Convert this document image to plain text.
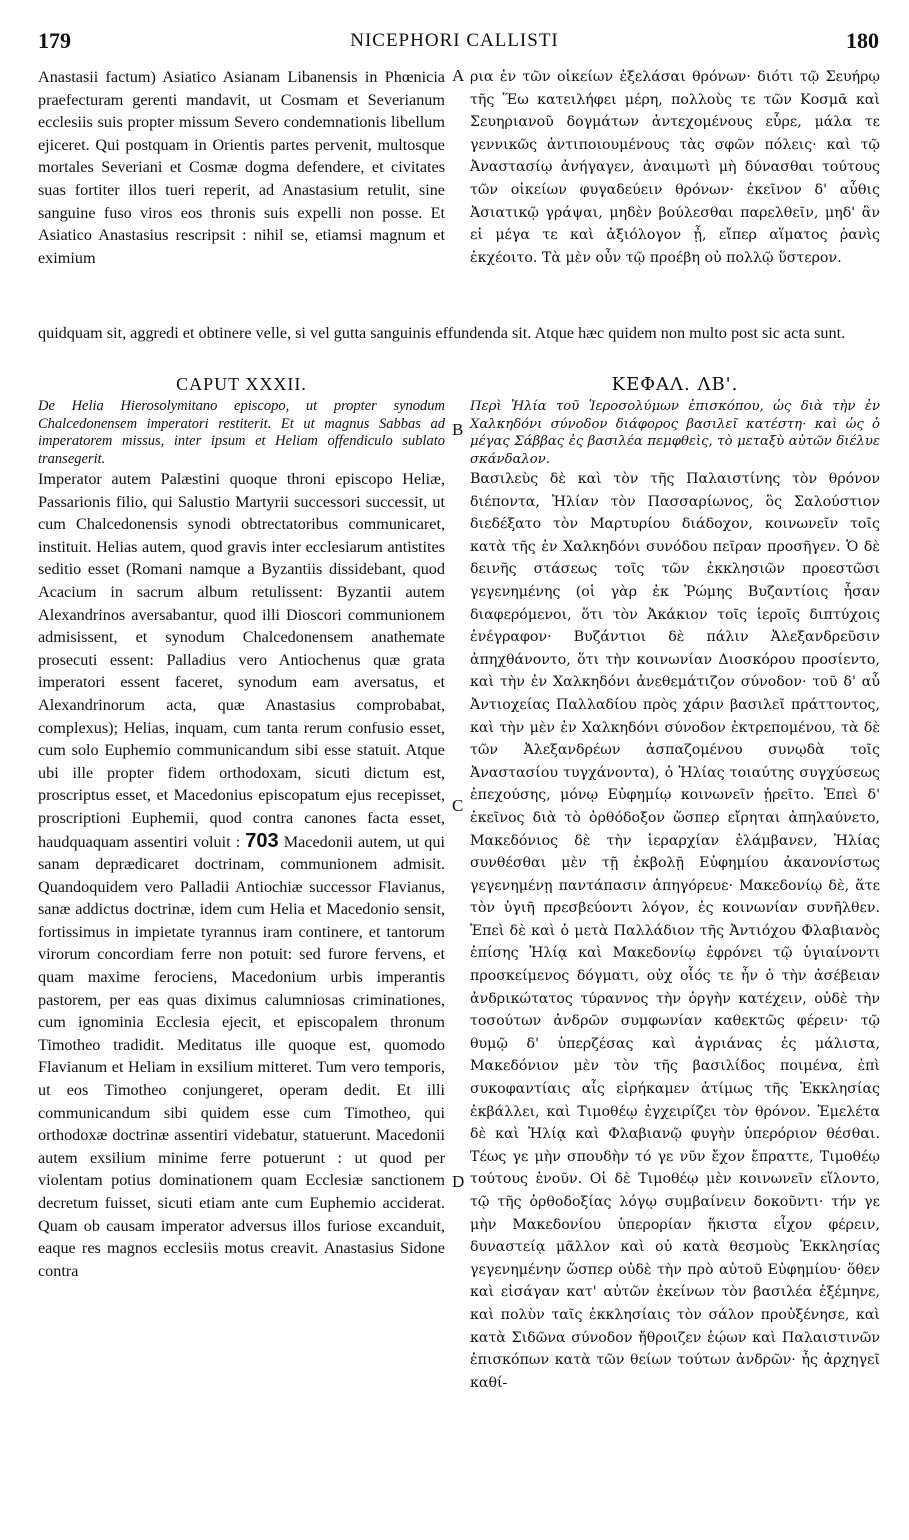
179	NICEPHORI CALLISTI	180

Anastasii factum) Asiatico Asianam Libanensis in Phœnicia praefecturam gerenti mandavit, ut Cosmam et Severianum ecclesiis suis propter missum Severo condemnationis libellum ejiceret. Qui postquam in Orientis partes pervenit, multosque mortales Severiani et Cosmæ dogma defendere, et civitates suas fortiter illos tueri reperit, ad Anastasium retulit, sine sanguine fuso viros eos thronis suis expelli non posse. Et Asiatico Anastasius rescripsit : nihil se, etiamsi magnum et eximium

ρια ἐν τῶν οἰκείων ἐξελάσαι θρόνων· διότι τῷ Σευήρῳ τῆς Ἕω κατειλήφει μέρη, πολλοὺς τε τῶν Κοσμᾶ καὶ Σευηριανοῦ δογμάτων ἀντεχομένους εὗρε, μάλα τε γεννικῶς ἀντιποιουμένους τὰς σφῶν πόλεις· καὶ τῷ Ἀναστασίῳ ἀνήγαγεν, ἀναιμωτὶ μὴ δύνασθαι τούτους τῶν οἰκείων φυγαδεύειν θρόνων· ἐκεῖνον δ' αὖθις Ἀσιατικῷ γράψαι, μηδὲν βούλεσθαι παρελθεῖν, μηδ' ἂν εἰ μέγα τε καὶ ἀξιόλογον ᾖ, εἴπερ αἵματος ῥανὶς ἐκχέοιτο. Τὰ μὲν οὖν τῷ προέβη οὐ πολλῷ ὕστερον.

quidquam sit, aggredi et obtinere velle, si vel gutta sanguinis effundenda sit. Atque hæc quidem non multo post sic acta sunt.
CAPUT XXXII.	ΚΕΦΑΛ. ΛΒ'.
De Helia Hierosolymitano episcopo, ut propter synodum Chalcedonensem imperatori restiterit. Et ut magnus Sabbas ad imperatorem missus, inter ipsum et Heliam offendiculo sublato transegerit.
Περὶ Ἠλία τοῦ Ἱεροσολύμων ἐπισκόπου, ὡς διὰ τὴν ἐν Χαλκηδόνι σύνοδον διάφορος βασιλεῖ κατέστη· καὶ ὡς ὁ μέγας Σάββας ἐς βασιλέα πεμφθεὶς, τὸ μεταξὺ αὐτῶν διέλυε σκάνδαλον.

Imperator autem Palæstini quoque throni episcopo Heliæ, Passarionis filio, qui Salustio Martyrii successori successit, ut cum Chalcedonensis synodi obtrectatoribus communicaret, instituit. Helias autem, quod gravis inter ecclesiarum antistites seditio esset (Romani namque a Byzantiis dissidebant, quod Acacium in sacrum album retulissent: Byzantii autem Alexandrinos aversabantur, quod illi Dioscori communionem admisissent, et synodum Chalcedonensem anathemate prosecuti essent: Palladius vero Antiochenus quæ grata imperatori essent faceret, synodum eam aversatus, et Alexandrinorum acta, quæ Anastasius comprobabat, complexus); Helias, inquam, cum tanta rerum confusio esset, cum solo Euphemio communicandum sibi esse statuit. Atque ubi ille propter fidem orthodoxam, sicuti dictum est, proscriptus esset, et Macedonius episcopatum ejus recepisset, proscriptioni Euphemii, quod contra canones facta esset, haudquaquam assentiri voluit : 703 Macedonii autem, ut qui sanam deprædicaret doctrinam, communionem admisit. Quandoquidem vero Palladii Antiochiæ successor Flavianus, sanæ addictus doctrinæ, idem cum Helia et Macedonio sensit, fortissimus in impietate tyrannus iram continere, et tantorum virorum concordiam ferre non potuit: sed furore fervens, et quam maxime ferociens, Macedonium urbis imperantis pastorem, per eas quas diximus calumniosas criminationes, cum ignominia Ecclesia ejecit, et episcopalem thronum Timotheo tradidit. Meditatus ille quoque est, quomodo Flavianum et Heliam in exsilium mitteret. Tum vero temporis, ut eos Timotheo conjungeret, operam dedit. Et illi communicandum sibi quidem esse cum Timotheo, qui orthodoxæ doctrinæ assentiri videbatur, statuerunt. Macedonii autem exsilium minime ferre potuerunt : ut quod per violentam potius dominationem quam Ecclesiæ sanctionem decretum fuisset, sicuti etiam ante cum Euphemio acciderat. Quam ob causam imperator adversus illos furiose excanduit, eaque res magnos ecclesiis motus creavit. Anastasius Sidone contra

Βασιλεὺς δὲ καὶ τὸν τῆς Παλαιστίνης τὸν θρόνον διέποντα, Ἠλίαν τὸν Πασσαρίωνος, ὃς Σαλούστιον διεδέξατο τὸν Μαρτυρίου διάδοχον, κοινωνεῖν τοῖς κατὰ τῆς ἐν Χαλκηδόνι συνόδου πεῖραν προσῆγεν. Ὁ δὲ δεινῆς στάσεως τοῖς τῶν ἐκκλησιῶν προεστῶσι γεγενημένης (οἱ γὰρ ἐκ Ῥώμης Βυζαντίοις ἦσαν διαφερόμενοι, ὅτι τὸν Ἀκάκιον τοῖς ἱεροῖς διπτύχοις ἐνέγραφον· Βυζάντιοι δὲ πάλιν Ἀλεξανδρεῦσιν ἀπηχθάνοντο, ὅτι τὴν κοινωνίαν Διοσκόρου προσίεντο, καὶ τὴν ἐν Χαλκηδόνι ἀνεθεμάτιζον σύνοδον· τοῦ δ' αὖ Ἀντιοχείας Παλλαδίου πρὸς χάριν βασιλεῖ πράττοντος, καὶ τὴν μὲν ἐν Χαλκηδόνι σύνοδον ἐκτρεπομένου, τὰ δὲ τῶν Ἀλεξανδρέων ἀσπαζομένου συνῳδὰ τοῖς Ἀναστασίου τυγχάνοντα), ὁ Ἠλίας τοιαύτης συγχύσεως ἐπεχούσης, μόνῳ Εὐφημίῳ κοινωνεῖν ᾑρεῖτο. Ἐπεὶ δ' ἐκεῖνος διὰ τὸ ὀρθόδοξον ὥσπερ εἴρηται ἀπηλαύνετο, Μακεδόνιος δὲ τὴν ἱεραρχίαν ἐλάμβανεν, Ἠλίας συνθέσθαι μὲν τῇ ἐκβολῇ Εὐφημίου ἀκανονίστως γεγενημένῃ παντάπασιν ἀπηγόρευε· Μακεδονίῳ δὲ, ἅτε τὸν ὑγιῆ πρεσβεύοντι λόγον, ἐς κοινωνίαν συνῆλθεν. Ἐπεὶ δὲ καὶ ὁ μετὰ Παλλάδιον τῆς Ἀντιόχου Φλαβιανὸς ἐπίσης Ἠλίᾳ καὶ Μακεδονίῳ ἐφρόνει τῷ ὑγιαίνοντι προσκείμενος δόγματι, οὐχ οἷός τε ἦν ὁ τὴν ἀσέβειαν ἀνδρικώτατος τύραννος τὴν ὀργὴν κατέχειν, οὐδὲ τὴν τοσούτων ἀνδρῶν συμφωνίαν καθεκτῶς φέρειν· τῷ θυμῷ δ' ὑπερζέσας καὶ ἀγριάνας ἐς μάλιστα, Μακεδόνιον μὲν τὸν τῆς βασιλίδος ποιμένα, ἐπὶ συκοφαντίαις αἷς εἰρήκαμεν ἀτίμως τῆς Ἐκκλησίας ἐκβάλλει, καὶ Τιμοθέῳ ἐγχειρίζει τὸν θρόνον. Ἐμελέτα δὲ καὶ Ἠλίᾳ καὶ Φλαβιανῷ φυγὴν ὑπερόριον θέσθαι. Τέως γε μὴν σπουδὴν τό γε νῦν ἔχον ἔπραττε, Τιμοθέῳ τούτους ἑνοῦν. Οἱ δὲ Τιμοθέῳ μὲν κοινωνεῖν εἵλοντο, τῷ τῆς ὀρθοδοξίας λόγῳ συμβαίνειν δοκοῦντι· τήν γε μὴν Μακεδονίου ὑπερορίαν ἥκιστα εἶχον φέρειν, δυναστείᾳ μᾶλλον καὶ οὐ κατὰ θεσμοὺς Ἐκκλησίας γεγενημένην ὥσπερ οὐδὲ τὴν πρὸ αὐτοῦ Εὐφημίου· ὅθεν καὶ εἰσάγαν κατ' αὐτῶν ἐκείνων τὸν βασιλέα ἐξέμηνε, καὶ πολὺν ταῖς ἐκκλησίαις τὸν σάλον προὐξένησε, καὶ κατὰ Σιδῶνα σύνοδον ἤθροιζεν ἑῴων καὶ Παλαιστινῶν ἐπισκόπων κατὰ τῶν θείων τούτων ἀνδρῶν· ἧς ἀρχηγεῖ καθί-

A
B
C
D
